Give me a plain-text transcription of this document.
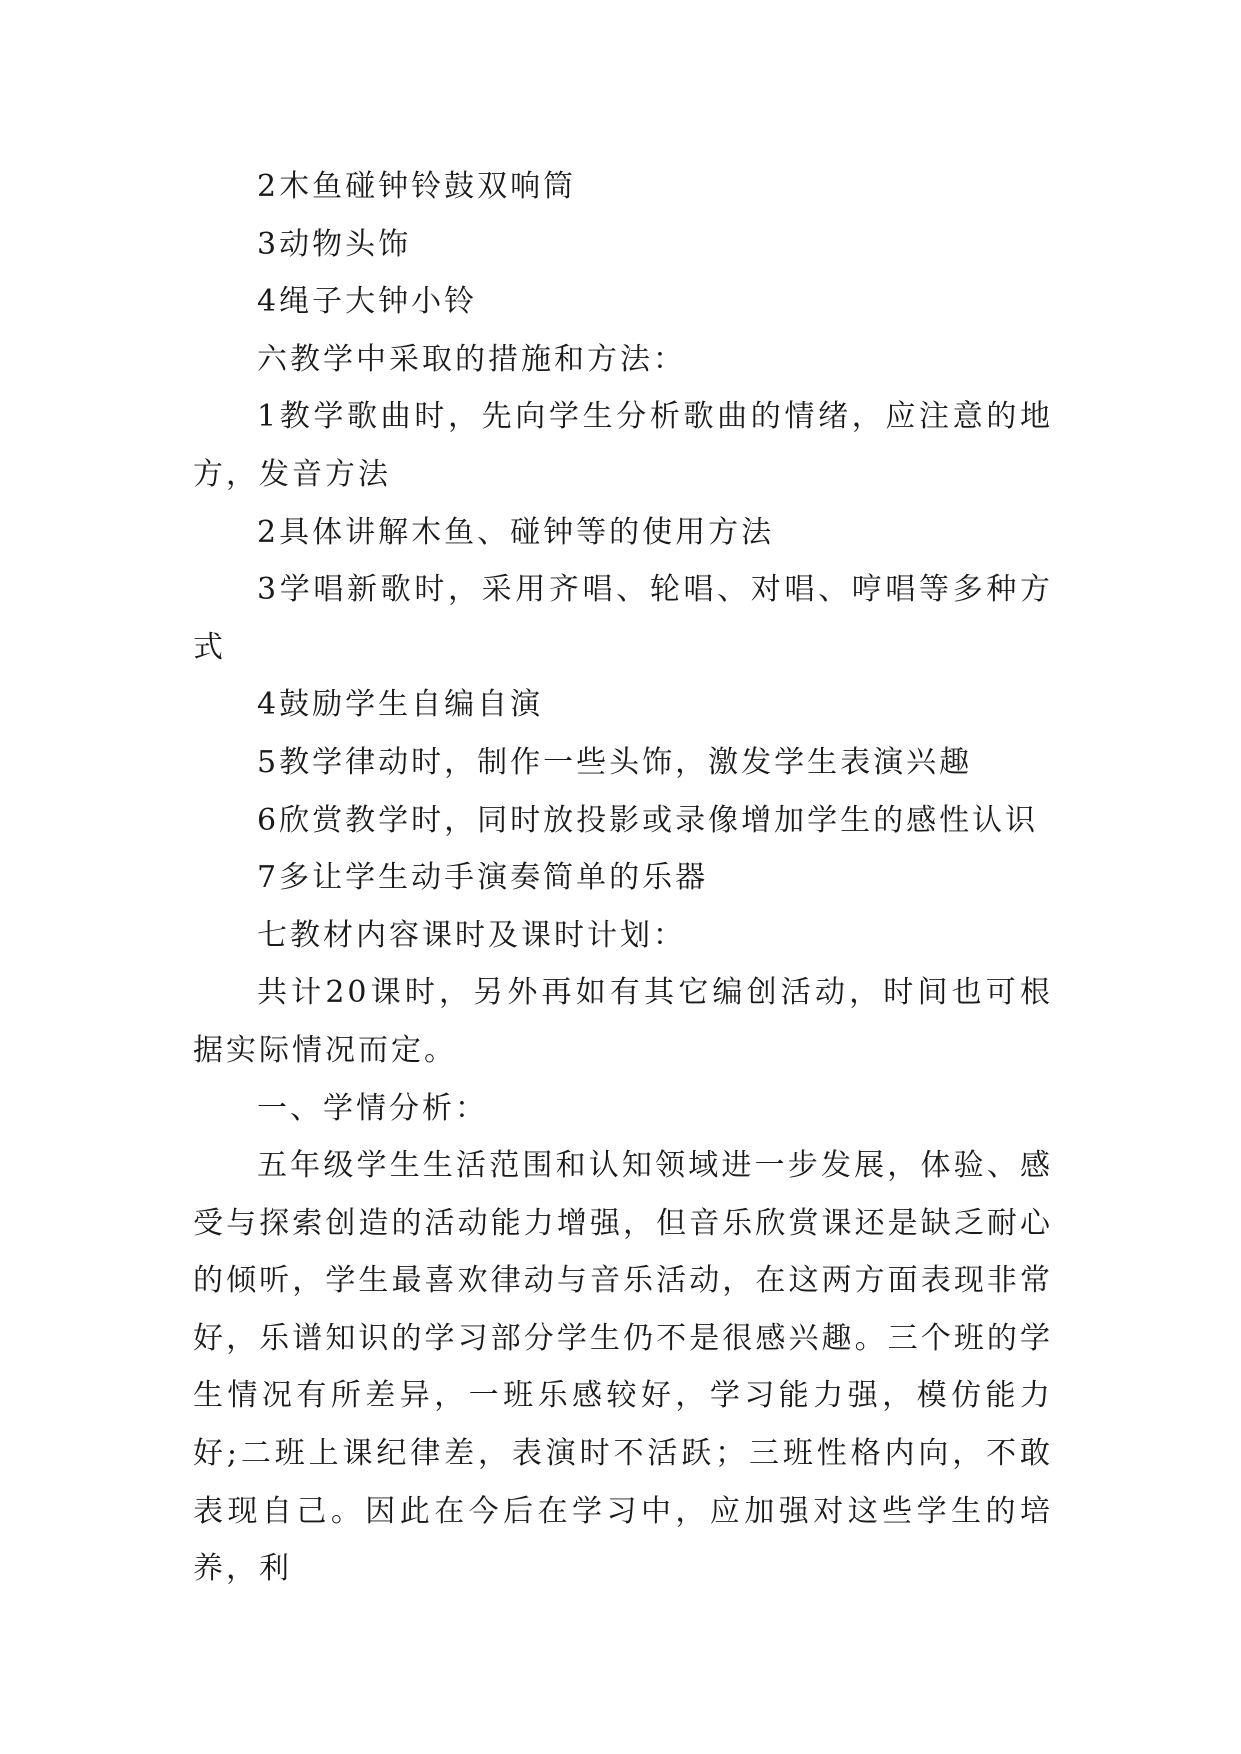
2木鱼碰钟铃鼓双响筒

3动物头饰

4绳子大钟小铃

六教学中采取的措施和方法：

1教学歌曲时，先向学生分析歌曲的情绪，应注意的地方，发音方法

2具体讲解木鱼、碰钟等的使用方法

3学唱新歌时，采用齐唱、轮唱、对唱、哼唱等多种方式

4鼓励学生自编自演

5教学律动时，制作一些头饰，激发学生表演兴趣

6欣赏教学时，同时放投影或录像增加学生的感性认识

7多让学生动手演奏简单的乐器

七教材内容课时及课时计划：

共计20课时，另外再如有其它编创活动，时间也可根据实际情况而定。

一、学情分析：

五年级学生生活范围和认知领域进一步发展，体验、感受与探索创造的活动能力增强，但音乐欣赏课还是缺乏耐心的倾听，学生最喜欢律动与音乐活动，在这两方面表现非常好，乐谱知识的学习部分学生仍不是很感兴趣。三个班的学生情况有所差异，一班乐感较好，学习能力强，模仿能力好;二班上课纪律差，表演时不活跃；三班性格内向，不敢表现自己。因此在今后在学习中，应加强对这些学生的培养，利
